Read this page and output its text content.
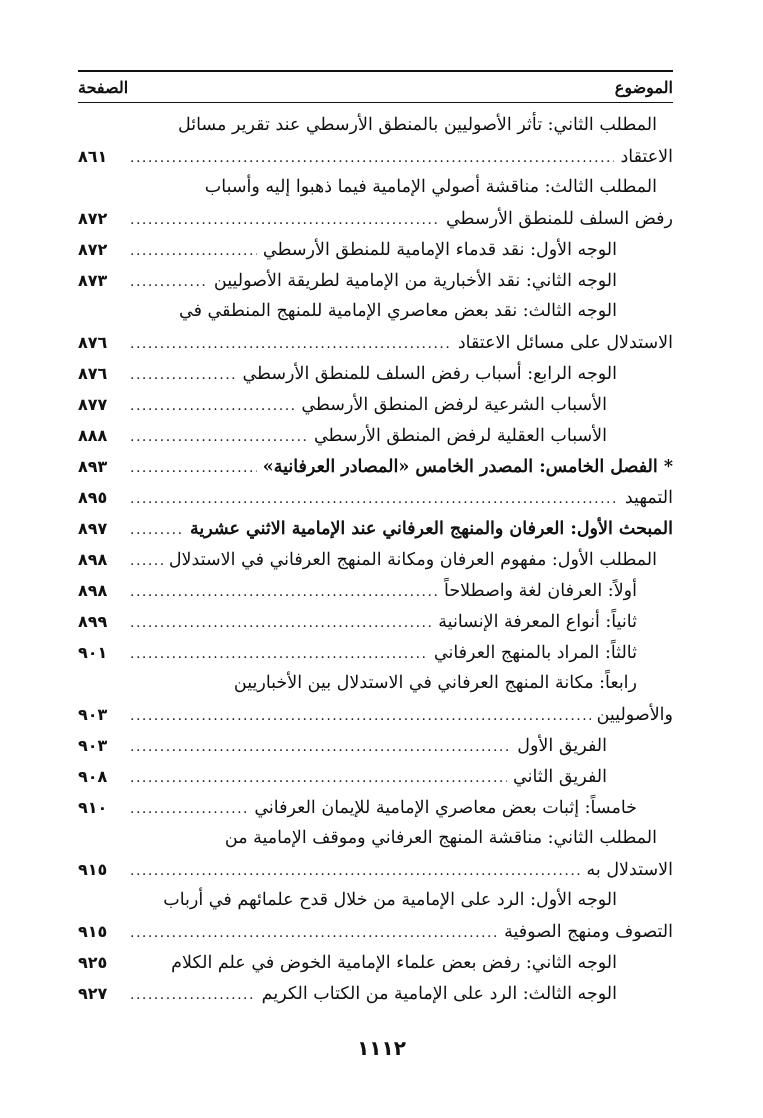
الموضوع
الصفحة
المطلب الثاني: تأثر الأصوليين بالمنطق الأرسطي عند تقرير مسائل
الاعتقاد
.....
٨٦١
المطلب الثالث: مناقشة أصولي الإمامية فيما ذهبوا إليه وأسباب
رفض السلف للمنطق الأرسطي
.....
٨٧٢
الوجه الأول: نقد قدماء الإمامية للمنطق الأرسطي
.....
٨٧٢
الوجه الثاني: نقد الأخبارية من الإمامية لطريقة الأصوليين
.....
٨٧٣
الوجه الثالث: نقد بعض معاصري الإمامية للمنهج المنطقي في
الاستدلال على مسائل الاعتقاد
.....
٨٧٦
الوجه الرابع: أسباب رفض السلف للمنطق الأرسطي
.....
٨٧٦
الأسباب الشرعية لرفض المنطق الأرسطي
.....
٨٧٧
الأسباب العقلية لرفض المنطق الأرسطي
.....
٨٨٨
* الفصل الخامس: المصدر الخامس «المصادر العرفانية»
.....
٨٩٣
التمهيد
.....
٨٩٥
المبحث الأول: العرفان والمنهج العرفاني عند الإمامية الاثني عشرية
.....
٨٩٧
المطلب الأول: مفهوم العرفان ومكانة المنهج العرفاني في الاستدلال
.....
٨٩٨
أولاً: العرفان لغة واصطلاحاً
.....
٨٩٨
ثانياً: أنواع المعرفة الإنسانية
.....
٨٩٩
ثالثاً: المراد بالمنهج العرفاني
.....
٩٠١
رابعاً: مكانة المنهج العرفاني في الاستدلال بين الأخباريين
والأصوليين
.....
٩٠٣
الفريق الأول
.....
٩٠٣
الفريق الثاني
.....
٩٠٨
خامساً: إثبات بعض معاصري الإمامية للإيمان العرفاني
.....
٩١٠
المطلب الثاني: مناقشة المنهج العرفاني وموقف الإمامية من
الاستدلال به
.....
٩١٥
الوجه الأول: الرد على الإمامية من خلال قدح علمائهم في أرباب
التصوف ومنهج الصوفية
.....
٩١٥
الوجه الثاني: رفض بعض علماء الإمامية الخوض في علم الكلام
٩٢٥
الوجه الثالث: الرد على الإمامية من الكتاب الكريم
.....
٩٢٧
١١١٢
